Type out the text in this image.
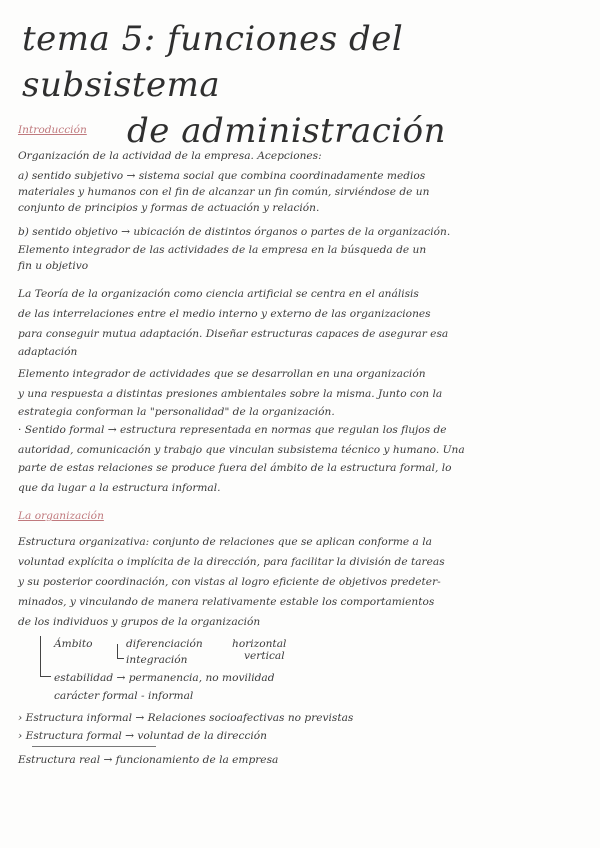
tema 5: funciones del subsistema
de administración
Introducción
Organización de la actividad de la empresa. Acepciones:
a) sentido subjetivo → sistema social que combina coordinadamente medios
materiales y humanos con el fin de alcanzar un fin común, sirviéndose de un
conjunto de principios y formas de actuación y relación.
b) sentido objetivo → ubicación de distintos órganos o partes de la organización.
Elemento integrador de las actividades de la empresa en la búsqueda de un
fin u objetivo
La Teoría de la organización como ciencia artificial se centra en el análisis
de las interrelaciones entre el medio interno y externo de las organizaciones
para conseguir mutua adaptación. Diseñar estructuras capaces de asegurar esa
adaptación
Elemento integrador de actividades que se desarrollan en una organización
y una respuesta a distintas presiones ambientales sobre la misma. Junto con la
estrategia conforman la "personalidad" de la organización.
· Sentido formal → estructura representada en normas que regulan los flujos de
autoridad, comunicación y trabajo que vinculan subsistema técnico y humano. Una
parte de estas relaciones se produce fuera del ámbito de la estructura formal, lo
que da lugar a la estructura informal.
La organización
Estructura organizativa: conjunto de relaciones que se aplican conforme a la
voluntad explícita o implícita de la dirección, para facilitar la división de tareas
y su posterior coordinación, con vistas al logro eficiente de objetivos predeter-
minados, y vinculando de manera relativamente estable los comportamientos
de los individuos y grupos de la organización
Ámbito	diferenciación
integración
horizontal
vertical
estabilidad → permanencia, no movilidad
carácter formal - informal
› Estructura informal → Relaciones socioafectivas no previstas
› Estructura formal → voluntad de la dirección
Estructura real → funcionamiento de la empresa
